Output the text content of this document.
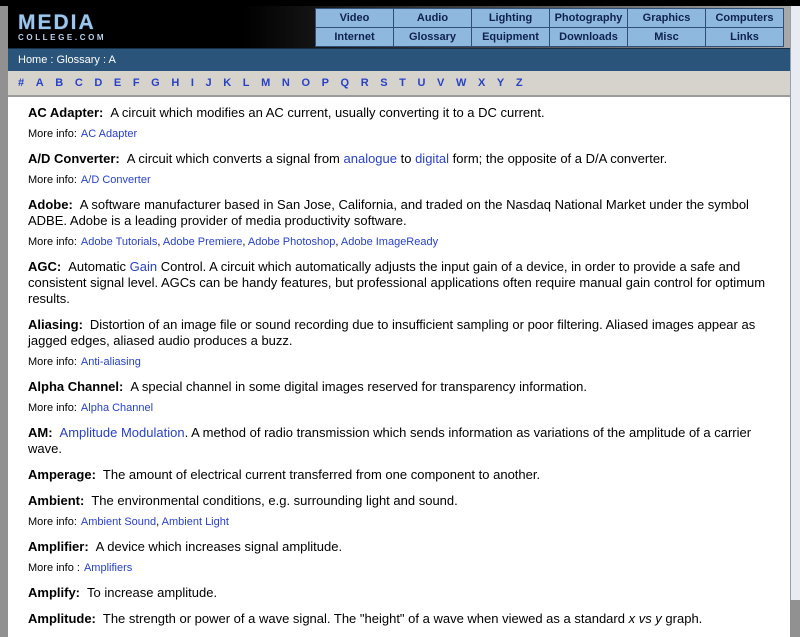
MEDIA
COLLEGE.COM
Video	Audio	Lighting	Photography	Graphics	Computers
Internet	Glossary	Equipment	Downloads	Misc	Links
Home : Glossary : A
# A B C D E F G H I J K L M N O P Q R S T U V W X Y Z

AC Adapter: A circuit which modifies an AC current, usually converting it to a DC current.

More info: AC Adapter

A/D Converter: A circuit which converts a signal from analogue to digital form; the opposite of a D/A converter.

More info: A/D Converter

Adobe: A software manufacturer based in San Jose, California, and traded on the Nasdaq National Market under the symbol ADBE. Adobe is a leading provider of media productivity software.

More info: Adobe Tutorials, Adobe Premiere, Adobe Photoshop, Adobe ImageReady

AGC: Automatic Gain Control. A circuit which automatically adjusts the input gain of a device, in order to provide a safe and consistent signal level. AGCs can be handy features, but professional applications often require manual gain control for optimum results.

Aliasing: Distortion of an image file or sound recording due to insufficient sampling or poor filtering. Aliased images appear as jagged edges, aliased audio produces a buzz.

More info: Anti-aliasing

Alpha Channel: A special channel in some digital images reserved for transparency information.

More info: Alpha Channel

AM: Amplitude Modulation. A method of radio transmission which sends information as variations of the amplitude of a carrier wave.

Amperage: The amount of electrical current transferred from one component to another.

Ambient: The environmental conditions, e.g. surrounding light and sound.

More info: Ambient Sound, Ambient Light

Amplifier: A device which increases signal amplitude.

More info : Amplifiers

Amplify: To increase amplitude.

Amplitude: The strength or power of a wave signal. The "height" of a wave when viewed as a standard x vs y graph.
